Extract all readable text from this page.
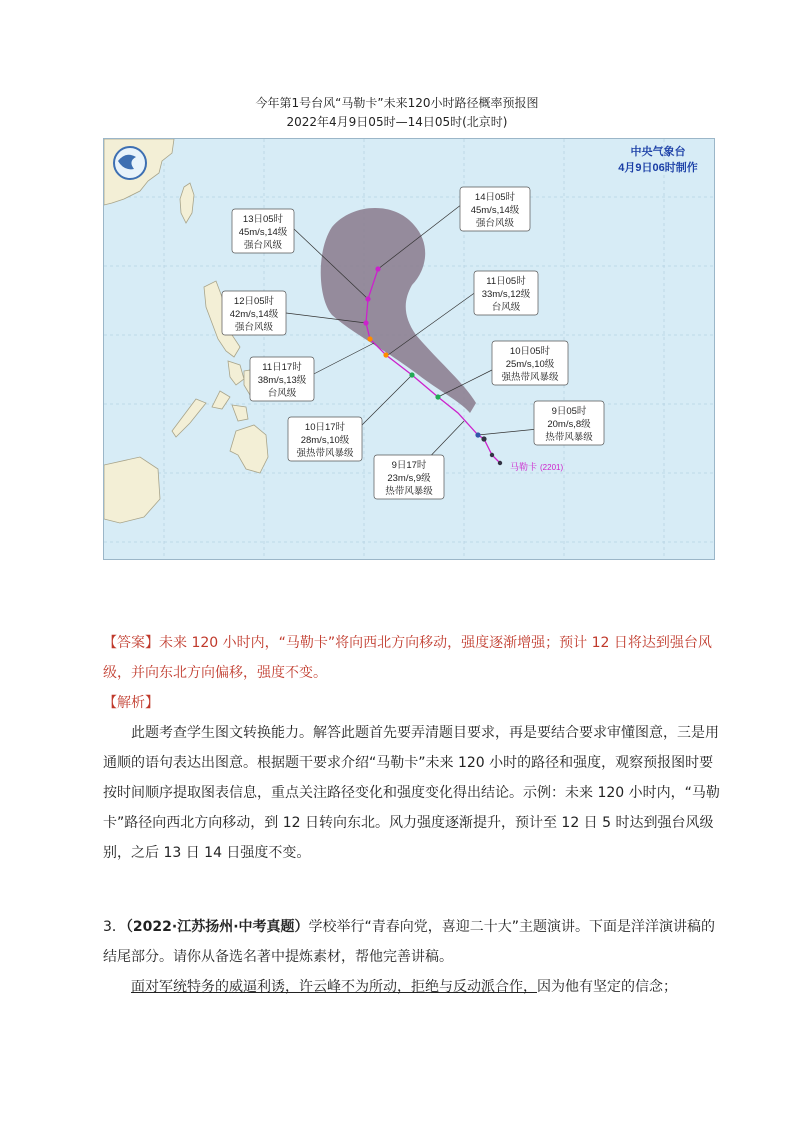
今年第1号台风“马勒卡”未来120小时路径概率预报图
2022年4月9日05时—14日05时(北京时)
14日05时
45m/s,14级
强台风级
13日05时
45m/s,14级
强台风级
11日05时
33m/s,12级
台风级
12日05时
42m/s,14级
强台风级
10日05时
25m/s,10级
强热带风暴级
11日17时
38m/s,13级
台风级
9日05时
20m/s,8级
热带风暴级
10日17时
28m/s,10级
强热带风暴级
9日17时
23m/s,9级
热带风暴级
中央气象台
4月9日06时制作
马勒卡 (2201)
【答案】未来 120 小时内，“马勒卡”将向西北方向移动，强度逐渐增强；预计 12 日将达到强台风级，并向东北方向偏移，强度不变。
【解析】
此题考查学生图文转换能力。解答此题首先要弄清题目要求，再是要结合要求审懂图意，三是用通顺的语句表达出图意。根据题干要求介绍“马勒卡”未来 120 小时的路径和强度，观察预报图时要按时间顺序提取图表信息，重点关注路径变化和强度变化得出结论。示例：未来 120 小时内，“马勒卡”路径向西北方向移动，到 12 日转向东北。风力强度逐渐提升，预计至 12 日 5 时达到强台风级别，之后 13 日 14 日强度不变。
3．（2022·江苏扬州·中考真题）学校举行“青春向党，喜迎二十大”主题演讲。下面是洋洋演讲稿的结尾部分。请你从备选名著中提炼素材，帮他完善讲稿。
面对军统特务的威逼利诱，许云峰不为所动，拒绝与反动派合作，因为他有坚定的信念；
